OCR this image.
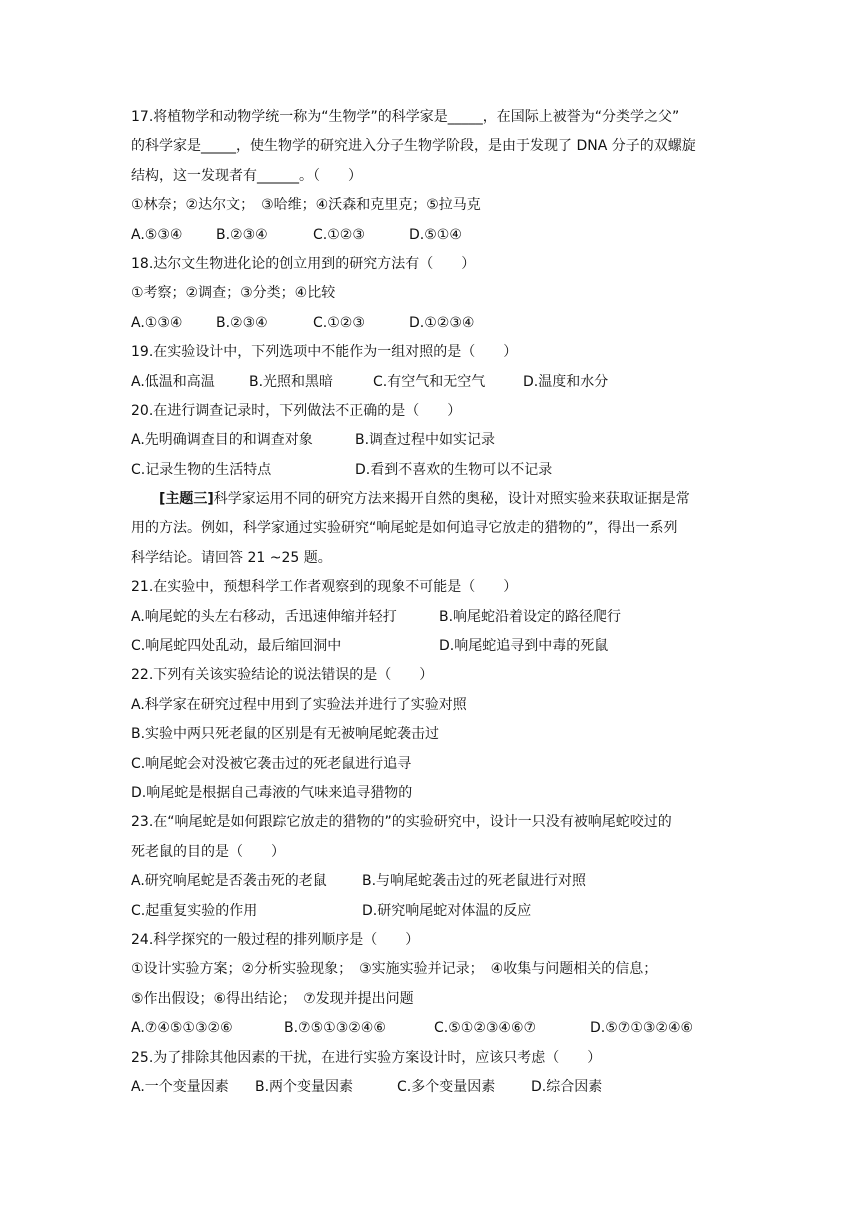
17.将植物学和动物学统一称为“生物学”的科学家是_____，在国际上被誉为“分类学之父”
的科学家是_____，使生物学的研究进入分子生物学阶段，是由于发现了 DNA 分子的双螺旋
结构，这一发现者有______。（　　）
①林奈；②达尔文；　③哈维；④沃森和克里克；⑤拉马克
A.⑤③④	B.②③④	C.①②③	D.⑤①④
18.达尔文生物进化论的创立用到的研究方法有（　　）
①考察；②调查；③分类；④比较
A.①③④	B.②③④	C.①②③	D.①②③④
19.在实验设计中，下列选项中不能作为一组对照的是（　　）
A.低温和高温	B.光照和黑暗	C.有空气和无空气	D.温度和水分
20.在进行调查记录时，下列做法不正确的是（　　）
A.先明确调查目的和调查对象	B.调查过程中如实记录
C.记录生物的生活特点	D.看到不喜欢的生物可以不记录
[主题三]科学家运用不同的研究方法来揭开自然的奥秘，设计对照实验来获取证据是常
用的方法。例如，科学家通过实验研究“响尾蛇是如何追寻它放走的猎物的”，得出一系列
科学结论。请回答 21 ~25 题。
21.在实验中，预想科学工作者观察到的现象不可能是（　　）
A.响尾蛇的头左右移动，舌迅速伸缩并轻打	B.响尾蛇沿着设定的路径爬行
C.响尾蛇四处乱动，最后缩回洞中	D.响尾蛇追寻到中毒的死鼠
22.下列有关该实验结论的说法错误的是（　　）
A.科学家在研究过程中用到了实验法并进行了实验对照
B.实验中两只死老鼠的区别是有无被响尾蛇袭击过
C.响尾蛇会对没被它袭击过的死老鼠进行追寻
D.响尾蛇是根据自己毒液的气味来追寻猎物的
23.在“响尾蛇是如何跟踪它放走的猎物的”的实验研究中，设计一只没有被响尾蛇咬过的
死老鼠的目的是（　　）
A.研究响尾蛇是否袭击死的老鼠	B.与响尾蛇袭击过的死老鼠进行对照
C.起重复实验的作用	D.研究响尾蛇对体温的反应
24.科学探究的一般过程的排列顺序是（　　）
①设计实验方案；②分析实验现象；　③实施实验并记录；　④收集与问题相关的信息；
⑤作出假设；⑥得出结论；　⑦发现并提出问题
A.⑦④⑤①③②⑥	B.⑦⑤①③②④⑥	C.⑤①②③④⑥⑦	D.⑤⑦①③②④⑥
25.为了排除其他因素的干扰，在进行实验方案设计时，应该只考虑（　　）
A.一个变量因素	B.两个变量因素	C.多个变量因素	D.综合因素
